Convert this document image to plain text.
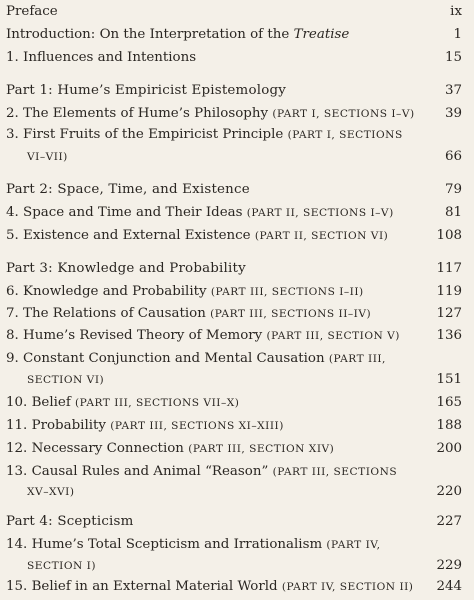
Preface	ix
Introduction: On the Interpretation of the Treatise	1
1. Influences and Intentions	15
Part 1: Hume’s Empiricist Epistemology	37
2. The Elements of Hume’s Philosophy (PART I, SECTIONS I–V)	39
3. First Fruits of the Empiricist Principle (PART I, SECTIONS
VI–VII)	66
Part 2: Space, Time, and Existence	79
4. Space and Time and Their Ideas (PART II, SECTIONS I–V)	81
5. Existence and External Existence (PART II, SECTION VI)	108
Part 3: Knowledge and Probability	117
6. Knowledge and Probability (PART III, SECTIONS I–II)	119
7. The Relations of Causation (PART III, SECTIONS II–IV)	127
8. Hume’s Revised Theory of Memory (PART III, SECTION V)	136
9. Constant Conjunction and Mental Causation (PART III,
SECTION VI)	151
10. Belief (PART III, SECTIONS VII–X)	165
11. Probability (PART III, SECTIONS XI–XIII)	188
12. Necessary Connection (PART III, SECTION XIV)	200
13. Causal Rules and Animal “Reason” (PART III, SECTIONS
XV–XVI)	220
Part 4: Scepticism	227
14. Hume’s Total Scepticism and Irrationalism (PART IV,
SECTION I)	229
15. Belief in an External Material World (PART IV, SECTION II)	244
